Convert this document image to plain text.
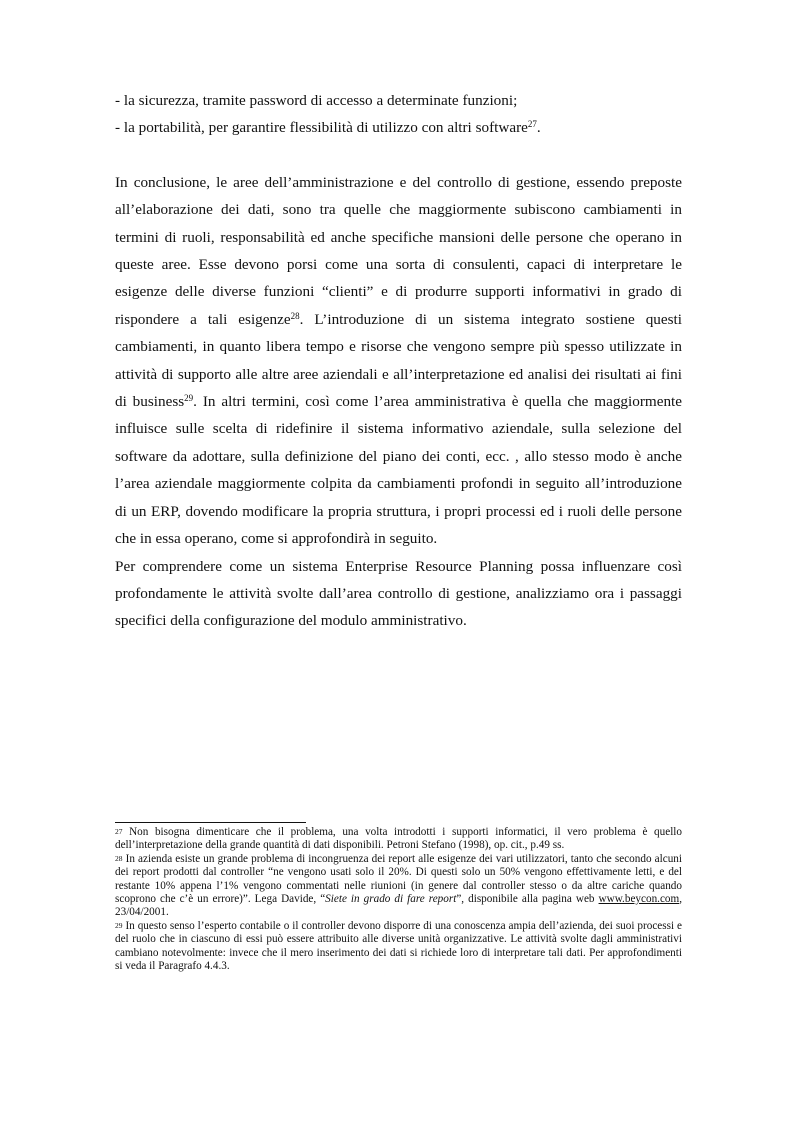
- la sicurezza, tramite password di accesso a determinate funzioni;

- la portabilità, per garantire flessibilità di utilizzo con altri software$^{27}$.

In conclusione, le aree dell’amministrazione e del controllo di gestione, essendo preposte all’elaborazione dei dati, sono tra quelle che maggiormente subiscono cambiamenti in termini di ruoli, responsabilità ed anche specifiche mansioni delle persone che operano in queste aree. Esse devono porsi come una sorta di consulenti, capaci di interpretare le esigenze delle diverse funzioni “clienti” e di produrre supporti informativi in grado di rispondere a tali esigenze$^{28}$. L’introduzione di un sistema integrato sostiene questi cambiamenti, in quanto libera tempo e risorse che vengono sempre più spesso utilizzate in attività di supporto alle altre aree aziendali e all’interpretazione ed analisi dei risultati ai fini di business$^{29}$. In altri termini, così come l’area amministrativa è quella che maggiormente influisce sulle scelta di ridefinire il sistema informativo aziendale, sulla selezione del software da adottare, sulla definizione del piano dei conti, ecc. , allo stesso modo è anche l’area aziendale maggiormente colpita da cambiamenti profondi in seguito all’introduzione di un ERP, dovendo modificare la propria struttura, i propri processi ed i ruoli delle persone che in essa operano, come si approfondirà in seguito.

Per comprendere come un sistema Enterprise Resource Planning possa influenzare così profondamente le attività svolte dall’area controllo di gestione, analizziamo ora i passaggi specifici della configurazione del modulo amministrativo.

$^{27}$ Non bisogna dimenticare che il problema, una volta introdotti i supporti informatici, il vero problema è quello dell’interpretazione della grande quantità di dati disponibili. Petroni Stefano (1998), op. cit., p.49 ss.

$^{28}$ In azienda esiste un grande problema di incongruenza dei report alle esigenze dei vari utilizzatori, tanto che secondo alcuni dei report prodotti dal controller “ne vengono usati solo il 20%. Di questi solo un 50% vengono effettivamente letti, e del restante 10% appena l’1% vengono commentati nelle riunioni (in genere dal controller stesso o da altre cariche quando scoprono che c’è un errore)”. Lega Davide, “Siete in grado di fare report”, disponibile alla pagina web www.beycon.com, 23/04/2001.

$^{29}$ In questo senso l’esperto contabile o il controller devono disporre di una conoscenza ampia dell’azienda, dei suoi processi e del ruolo che in ciascuno di essi può essere attribuito alle diverse unità organizzative. Le attività svolte dagli amministrativi cambiano notevolmente: invece che il mero inserimento dei dati si richiede loro di interpretare tali dati. Per approfondimenti si veda il Paragrafo 4.4.3.
